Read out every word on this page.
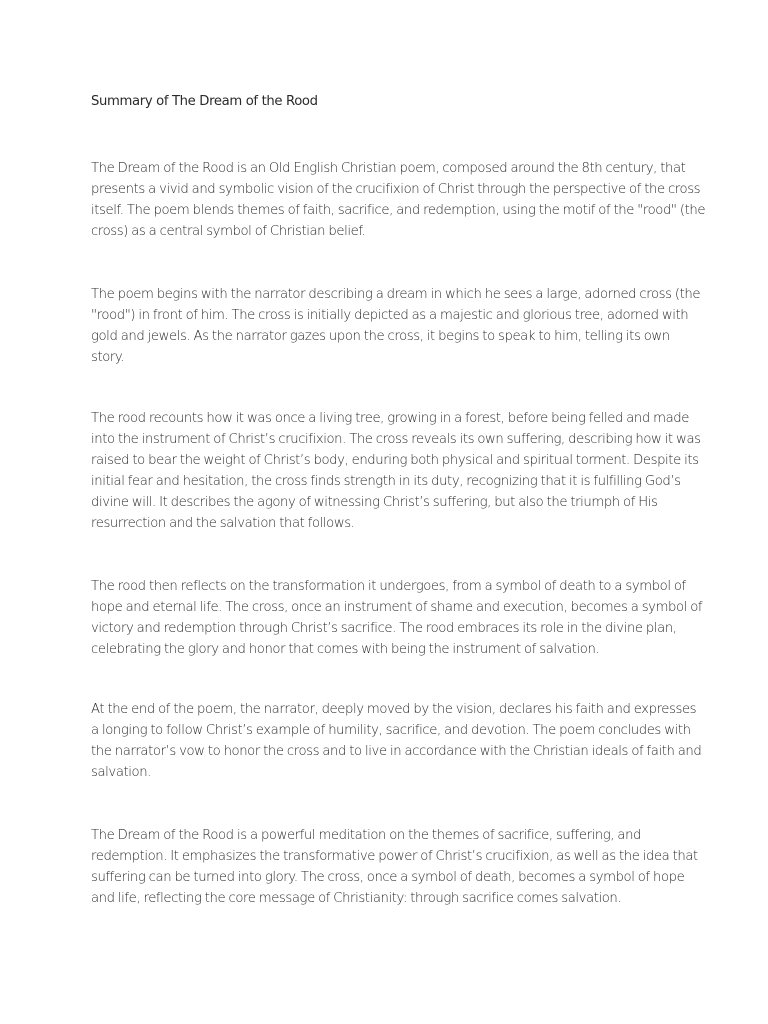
Summary of The Dream of the Rood
The Dream of the Rood is an Old English Christian poem, composed around the 8th century, that
presents a vivid and symbolic vision of the crucifixion of Christ through the perspective of the cross
itself. The poem blends themes of faith, sacrifice, and redemption, using the motif of the "rood" (the
cross) as a central symbol of Christian belief.
The poem begins with the narrator describing a dream in which he sees a large, adorned cross (the
"rood") in front of him. The cross is initially depicted as a majestic and glorious tree, adorned with
gold and jewels. As the narrator gazes upon the cross, it begins to speak to him, telling its own
story.
The rood recounts how it was once a living tree, growing in a forest, before being felled and made
into the instrument of Christ’s crucifixion. The cross reveals its own suffering, describing how it was
raised to bear the weight of Christ’s body, enduring both physical and spiritual torment. Despite its
initial fear and hesitation, the cross finds strength in its duty, recognizing that it is fulfilling God’s
divine will. It describes the agony of witnessing Christ’s suffering, but also the triumph of His
resurrection and the salvation that follows.
The rood then reflects on the transformation it undergoes, from a symbol of death to a symbol of
hope and eternal life. The cross, once an instrument of shame and execution, becomes a symbol of
victory and redemption through Christ’s sacrifice. The rood embraces its role in the divine plan,
celebrating the glory and honor that comes with being the instrument of salvation.
At the end of the poem, the narrator, deeply moved by the vision, declares his faith and expresses
a longing to follow Christ’s example of humility, sacrifice, and devotion. The poem concludes with
the narrator’s vow to honor the cross and to live in accordance with the Christian ideals of faith and
salvation.
The Dream of the Rood is a powerful meditation on the themes of sacrifice, suffering, and
redemption. It emphasizes the transformative power of Christ’s crucifixion, as well as the idea that
suffering can be turned into glory. The cross, once a symbol of death, becomes a symbol of hope
and life, reflecting the core message of Christianity: through sacrifice comes salvation.
